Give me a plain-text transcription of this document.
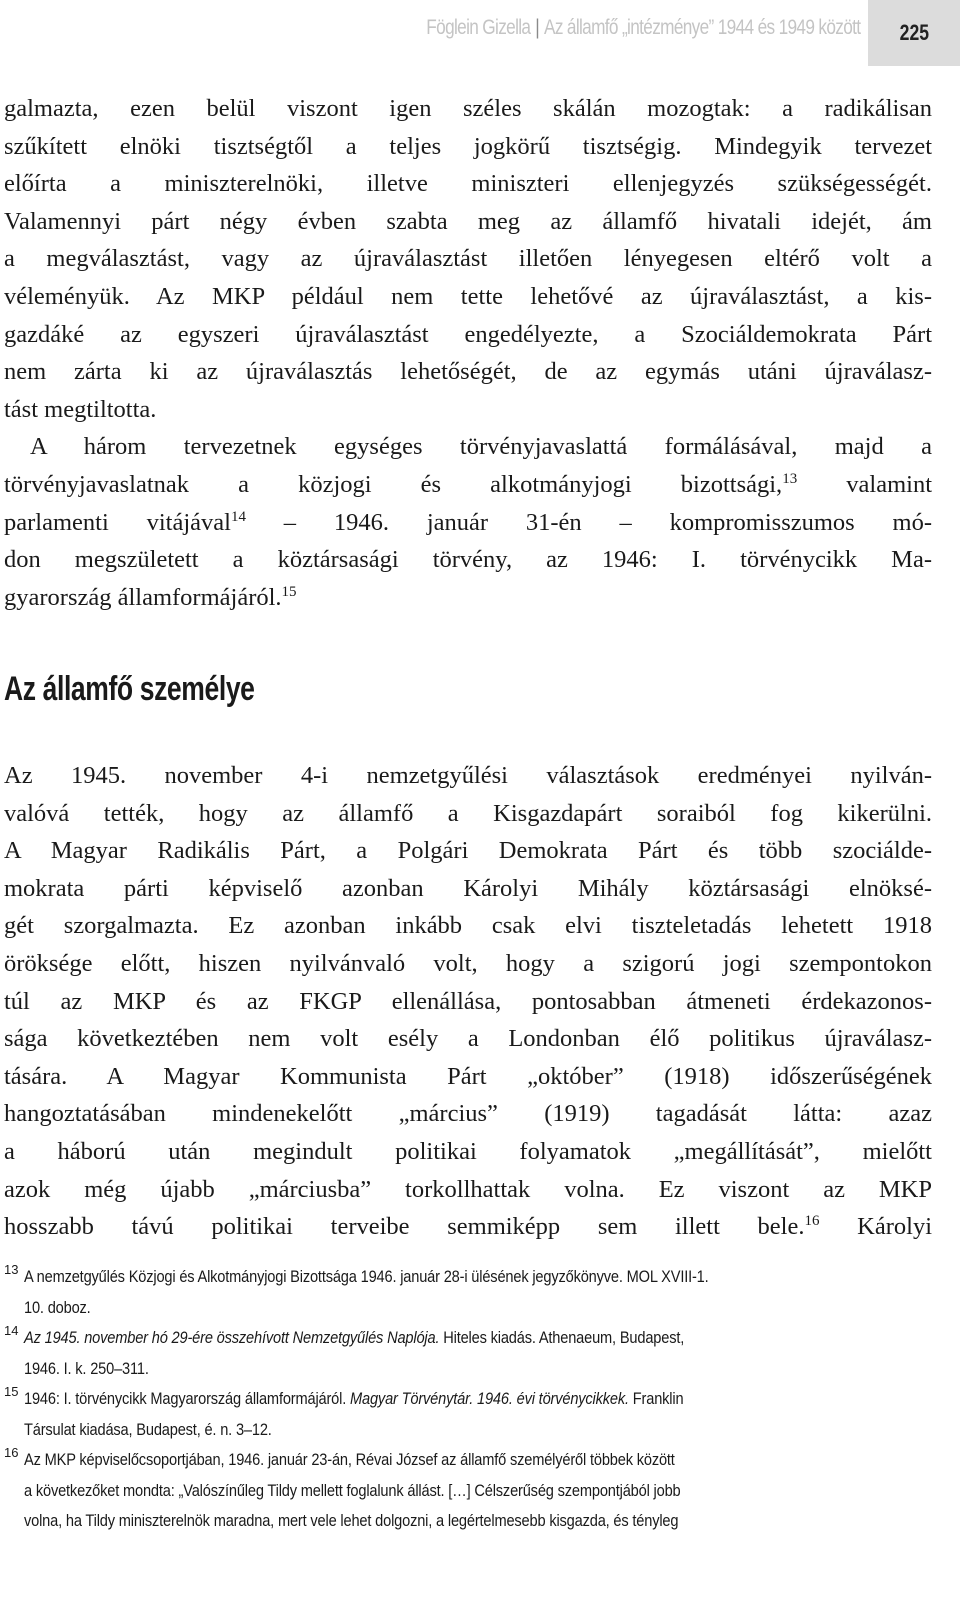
Föglein Gizella | Az államfő „intézménye” 1944 és 1949 között 225
galmazta, ezen belül viszont igen széles skálán mozogtak: a radikálisan
szűkített elnöki tisztségtől a teljes jogkörű tisztségig. Mindegyik tervezet
előírta a miniszterelnöki, illetve miniszteri ellenjegyzés szükségességét.
Valamennyi párt négy évben szabta meg az államfő hivatali idejét, ám
a megválasztást, vagy az újraválasztást illetően lényegesen eltérő volt a
véleményük. Az MKP például nem tette lehetővé az újraválasztást, a kis-
gazdáké az egyszeri újraválasztást engedélyezte, a Szociáldemokrata Párt
nem zárta ki az újraválasztás lehetőségét, de az egymás utáni újraválasz-
tást megtiltotta.
A három tervezetnek egységes törvényjavaslattá formálásával, majd a
törvényjavaslatnak a közjogi és alkotmányjogi bizottsági,$^{13}$ valamint
parlamenti vitájával$^{14}$ – 1946. január 31-én – kompromisszumos mó-
don megszületett a köztársasági törvény, az 1946: I. törvénycikk Ma-
gyarország államformájáról.$^{15}$
Az államfő személye
Az 1945. november 4-i nemzetgyűlési választások eredményei nyilván-
valóvá tették, hogy az államfő a Kisgazdapárt soraiból fog kikerülni.
A Magyar Radikális Párt, a Polgári Demokrata Párt és több szociálde-
mokrata párti képviselő azonban Károlyi Mihály köztársasági elnöksé-
gét szorgalmazta. Ez azonban inkább csak elvi tiszteletadás lehetett 1918
öröksége előtt, hiszen nyilvánvaló volt, hogy a szigorú jogi szempontokon
túl az MKP és az FKGP ellenállása, pontosabban átmeneti érdekazonos-
sága következtében nem volt esély a Londonban élő politikus újraválasz-
tására. A Magyar Kommunista Párt „október” (1918) időszerűségének
hangoztatásában mindenekelőtt „március” (1919) tagadását látta: azaz
a háború után megindult politikai folyamatok „megállítását”, mielőtt
azok még újabb „márciusba” torkollhattak volna. Ez viszont az MKP
hosszabb távú politikai terveibe semmiképp sem illett bele.$^{16}$ Károlyi
13 A nemzetgyűlés Közjogi és Alkotmányjogi Bizottsága 1946. január 28-i ülésének jegyzőkönyve. MOL XVIII-1.
10. doboz.
14 Az 1945. november hó 29-ére összehívott Nemzetgyűlés Naplója. Hiteles kiadás. Athenaeum, Budapest,
1946. I. k. 250–311.
15 1946: I. törvénycikk Magyarország államformájáról. Magyar Törvénytár. 1946. évi törvénycikkek. Franklin
Társulat kiadása, Budapest, é. n. 3–12.
16 Az MKP képviselőcsoportjában, 1946. január 23-án, Révai József az államfő személyéről többek között
a következőket mondta: „Valószínűleg Tildy mellett foglalunk állást. […] Célszerűség szempontjából jobb
volna, ha Tildy miniszterelnök maradna, mert vele lehet dolgozni, a legértelmesebb kisgazda, és tényleg
